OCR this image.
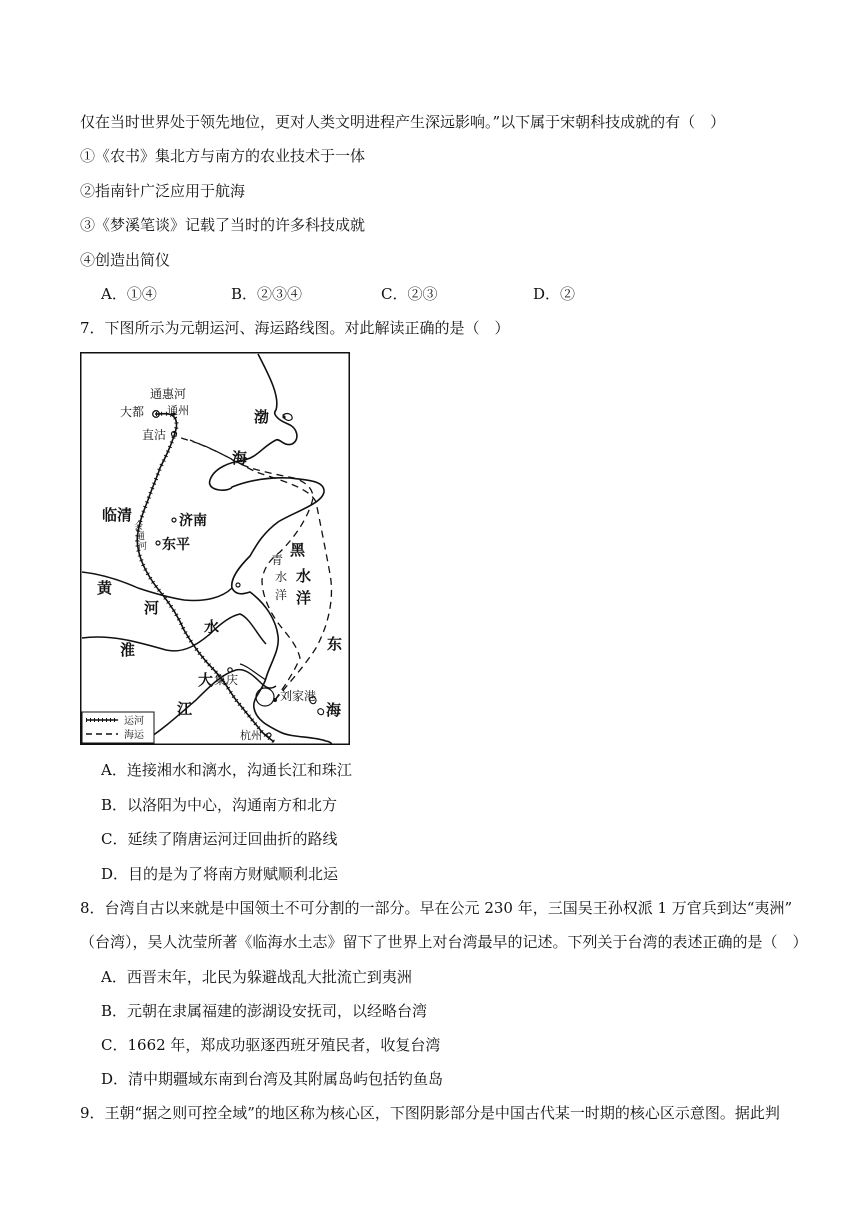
仅在当时世界处于领先地位，更对人类文明进程产生深远影响。”以下属于宋朝科技成就的有（　）
①《农书》集北方与南方的农业技术于一体
②指南针广泛应用于航海
③《梦溪笔谈》记载了当时的许多科技成就
④创造出简仪
A．①④	B．②③④	C．②③	D．②
7．下图所示为元朝运河、海运路线图。对此解读正确的是（　）
通惠河
大都 通州
直沽
渤
海
临清	济南
会
通
河 东平
青
水
洋
黑
水
洋
黄
河
淮
水
东
大 集庆
江
刘家港
海
杭州
运河
海运
A．连接湘水和漓水，沟通长江和珠江
B．以洛阳为中心，沟通南方和北方
C．延续了隋唐运河迂回曲折的路线
D．目的是为了将南方财赋顺利北运
8．台湾自古以来就是中国领土不可分割的一部分。早在公元 230 年，三国吴王孙权派 1 万官兵到达“夷洲”
（台湾），吴人沈莹所著《临海水土志》留下了世界上对台湾最早的记述。下列关于台湾的表述正确的是（　）
A．西晋末年，北民为躲避战乱大批流亡到夷洲
B．元朝在隶属福建的澎湖设安抚司，以经略台湾
C．1662 年，郑成功驱逐西班牙殖民者，收复台湾
D．清中期疆域东南到台湾及其附属岛屿包括钓鱼岛
9．王朝“据之则可控全域”的地区称为核心区，下图阴影部分是中国古代某一时期的核心区示意图。据此判
